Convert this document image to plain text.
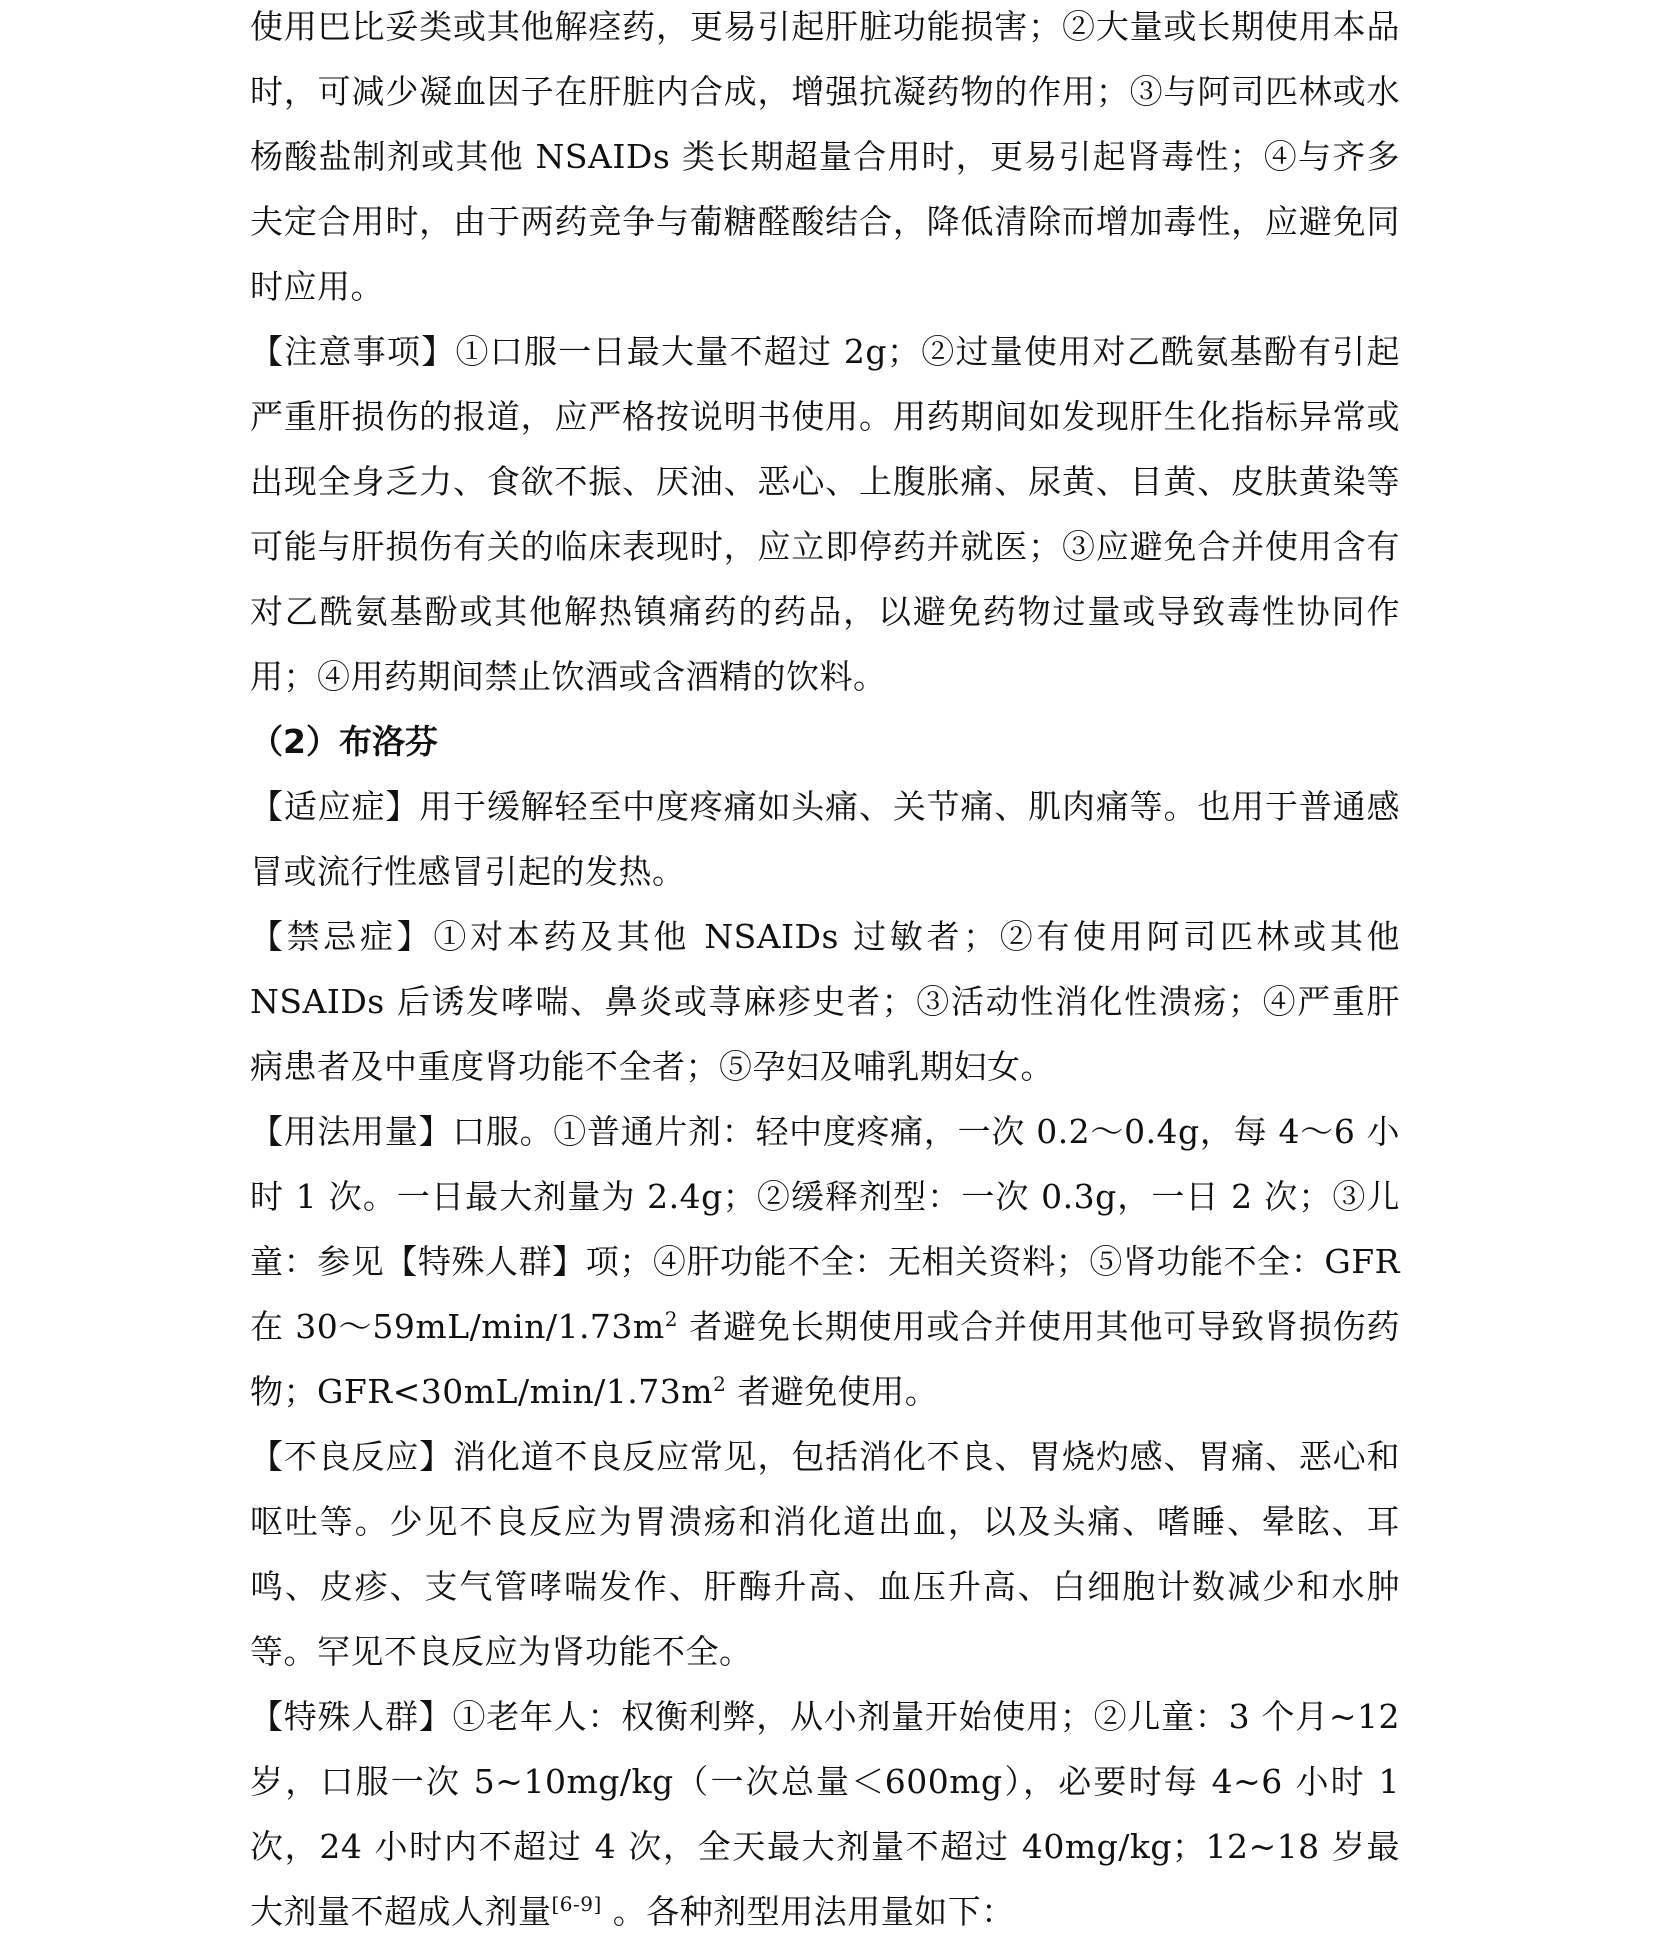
使用巴比妥类或其他解痉药，更易引起肝脏功能损害；②大量或长期使用本品时，可减少凝血因子在肝脏内合成，增强抗凝药物的作用；③与阿司匹林或水杨酸盐制剂或其他 NSAIDs 类长期超量合用时，更易引起肾毒性；④与齐多夫定合用时，由于两药竞争与葡糖醛酸结合，降低清除而增加毒性，应避免同时应用。

【注意事项】①口服一日最大量不超过 2g；②过量使用对乙酰氨基酚有引起严重肝损伤的报道，应严格按说明书使用。用药期间如发现肝生化指标异常或出现全身乏力、食欲不振、厌油、恶心、上腹胀痛、尿黄、目黄、皮肤黄染等可能与肝损伤有关的临床表现时，应立即停药并就医；③应避免合并使用含有对乙酰氨基酚或其他解热镇痛药的药品，以避免药物过量或导致毒性协同作用；④用药期间禁止饮酒或含酒精的饮料。

（2）布洛芬

【适应症】用于缓解轻至中度疼痛如头痛、关节痛、肌肉痛等。也用于普通感冒或流行性感冒引起的发热。

【禁忌症】①对本药及其他 NSAIDs 过敏者；②有使用阿司匹林或其他 NSAIDs 后诱发哮喘、鼻炎或荨麻疹史者；③活动性消化性溃疡；④严重肝病患者及中重度肾功能不全者；⑤孕妇及哺乳期妇女。

【用法用量】口服。①普通片剂：轻中度疼痛，一次 0.2～0.4g，每 4～6 小时 1 次。一日最大剂量为 2.4g；②缓释剂型：一次 0.3g，一日 2 次；③儿童：参见【特殊人群】项；④肝功能不全：无相关资料；⑤肾功能不全：GFR 在 $30\sim 59mL/\min/1.73m^2$ 者避免长期使用或合并使用其他可导致肾损伤药物；$GFR<30mL/\min/1.73m^2$ 者避免使用。

【不良反应】消化道不良反应常见，包括消化不良、胃烧灼感、胃痛、恶心和呕吐等。少见不良反应为胃溃疡和消化道出血，以及头痛、嗜睡、晕眩、耳鸣、皮疹、支气管哮喘发作、肝酶升高、血压升高、白细胞计数减少和水肿等。罕见不良反应为肾功能不全。

【特殊人群】①老年人：权衡利弊，从小剂量开始使用；②儿童：3 个月~12 岁，口服一次 5~10mg/kg（一次总量＜600mg），必要时每 4~6 小时 1 次，24 小时内不超过 4 次，全天最大剂量不超过 40mg/kg；12~18 岁最大剂量不超成人剂量[6-9] 。各种剂型用法用量如下：
